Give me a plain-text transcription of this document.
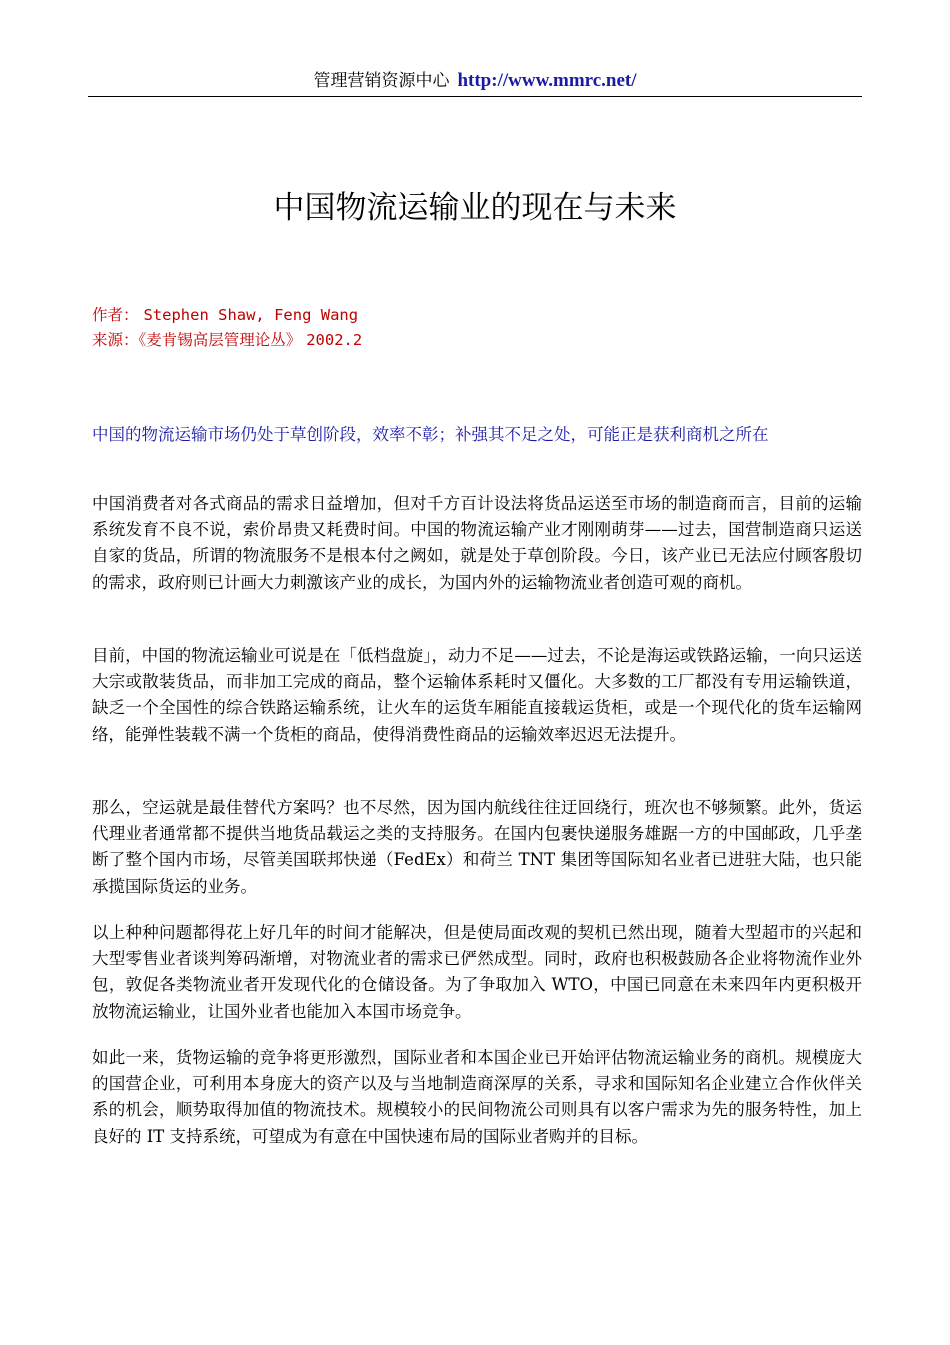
管理营销资源中心 http://www.mmrc.net/
中国物流运输业的现在与未来
作者： Stephen Shaw, Feng Wang
来源：《麦肯锡高层管理论丛》 2002.2
中国的物流运输市场仍处于草创阶段，效率不彰；补强其不足之处，可能正是获利商机之所在
中国消费者对各式商品的需求日益增加，但对千方百计设法将货品运送至市场的制造商而言，目前的运输系统发育不良不说，索价昂贵又耗费时间。中国的物流运输产业才刚刚萌芽——过去，国营制造商只运送自家的货品，所谓的物流服务不是根本付之阙如，就是处于草创阶段。今日，该产业已无法应付顾客殷切的需求，政府则已计画大力刺激该产业的成长，为国内外的运输物流业者创造可观的商机。
目前，中国的物流运输业可说是在「低档盘旋」，动力不足——过去，不论是海运或铁路运输，一向只运送大宗或散装货品，而非加工完成的商品，整个运输体系耗时又僵化。大多数的工厂都没有专用运输铁道，缺乏一个全国性的综合铁路运输系统，让火车的运货车厢能直接载运货柜，或是一个现代化的货车运输网络，能弹性装载不满一个货柜的商品，使得消费性商品的运输效率迟迟无法提升。
那么，空运就是最佳替代方案吗？也不尽然，因为国内航线往往迂回绕行，班次也不够频繁。此外，货运代理业者通常都不提供当地货品载运之类的支持服务。在国内包裹快递服务雄踞一方的中国邮政，几乎垄断了整个国内市场，尽管美国联邦快递（FedEx）和荷兰 TNT 集团等国际知名业者已进驻大陆，也只能承揽国际货运的业务。
以上种种问题都得花上好几年的时间才能解决，但是使局面改观的契机已然出现，随着大型超市的兴起和大型零售业者谈判筹码渐增，对物流业者的需求已俨然成型。同时，政府也积极鼓励各企业将物流作业外包，敦促各类物流业者开发现代化的仓储设备。为了争取加入 WTO，中国已同意在未来四年内更积极开放物流运输业，让国外业者也能加入本国市场竞争。
如此一来，货物运输的竞争将更形激烈，国际业者和本国企业已开始评估物流运输业务的商机。规模庞大的国营企业，可利用本身庞大的资产以及与当地制造商深厚的关系，寻求和国际知名企业建立合作伙伴关系的机会，顺势取得加值的物流技术。规模较小的民间物流公司则具有以客户需求为先的服务特性，加上良好的 IT 支持系统，可望成为有意在中国快速布局的国际业者购并的目标。
